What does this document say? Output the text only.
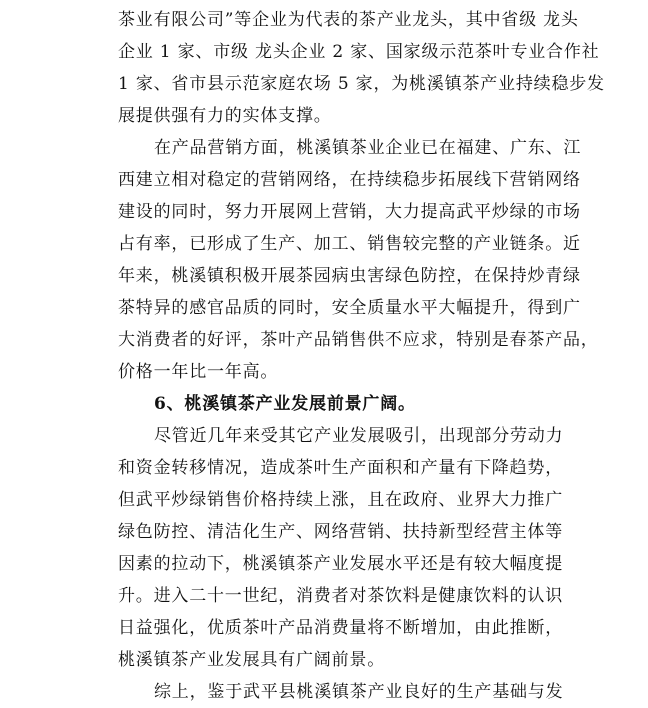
茶业有限公司”等企业为代表的茶产业龙头，其中省级 龙头
企业 1 家、市级 龙头企业 2 家、国家级示范茶叶专业合作社
1 家、省市县示范家庭农场 5 家，为桃溪镇茶产业持续稳步发
展提供强有力的实体支撑。
在产品营销方面，桃溪镇茶业企业已在福建、广东、江
西建立相对稳定的营销网络，在持续稳步拓展线下营销网络
建设的同时，努力开展网上营销，大力提高武平炒绿的市场
占有率，已形成了生产、加工、销售较完整的产业链条。近
年来，桃溪镇积极开展茶园病虫害绿色防控，在保持炒青绿
茶特异的感官品质的同时，安全质量水平大幅提升，得到广
大消费者的好评，茶叶产品销售供不应求，特别是春茶产品，
价格一年比一年高。
6、桃溪镇茶产业发展前景广阔。
尽管近几年来受其它产业发展吸引，出现部分劳动力
和资金转移情况，造成茶叶生产面积和产量有下降趋势，
但武平炒绿销售价格持续上涨，且在政府、业界大力推广
绿色防控、清洁化生产、网络营销、扶持新型经营主体等
因素的拉动下，桃溪镇茶产业发展水平还是有较大幅度提
升。进入二十一世纪，消费者对茶饮料是健康饮料的认识
日益强化，优质茶叶产品消费量将不断增加，由此推断，
桃溪镇茶产业发展具有广阔前景。
综上，鉴于武平县桃溪镇茶产业良好的生产基础与发
